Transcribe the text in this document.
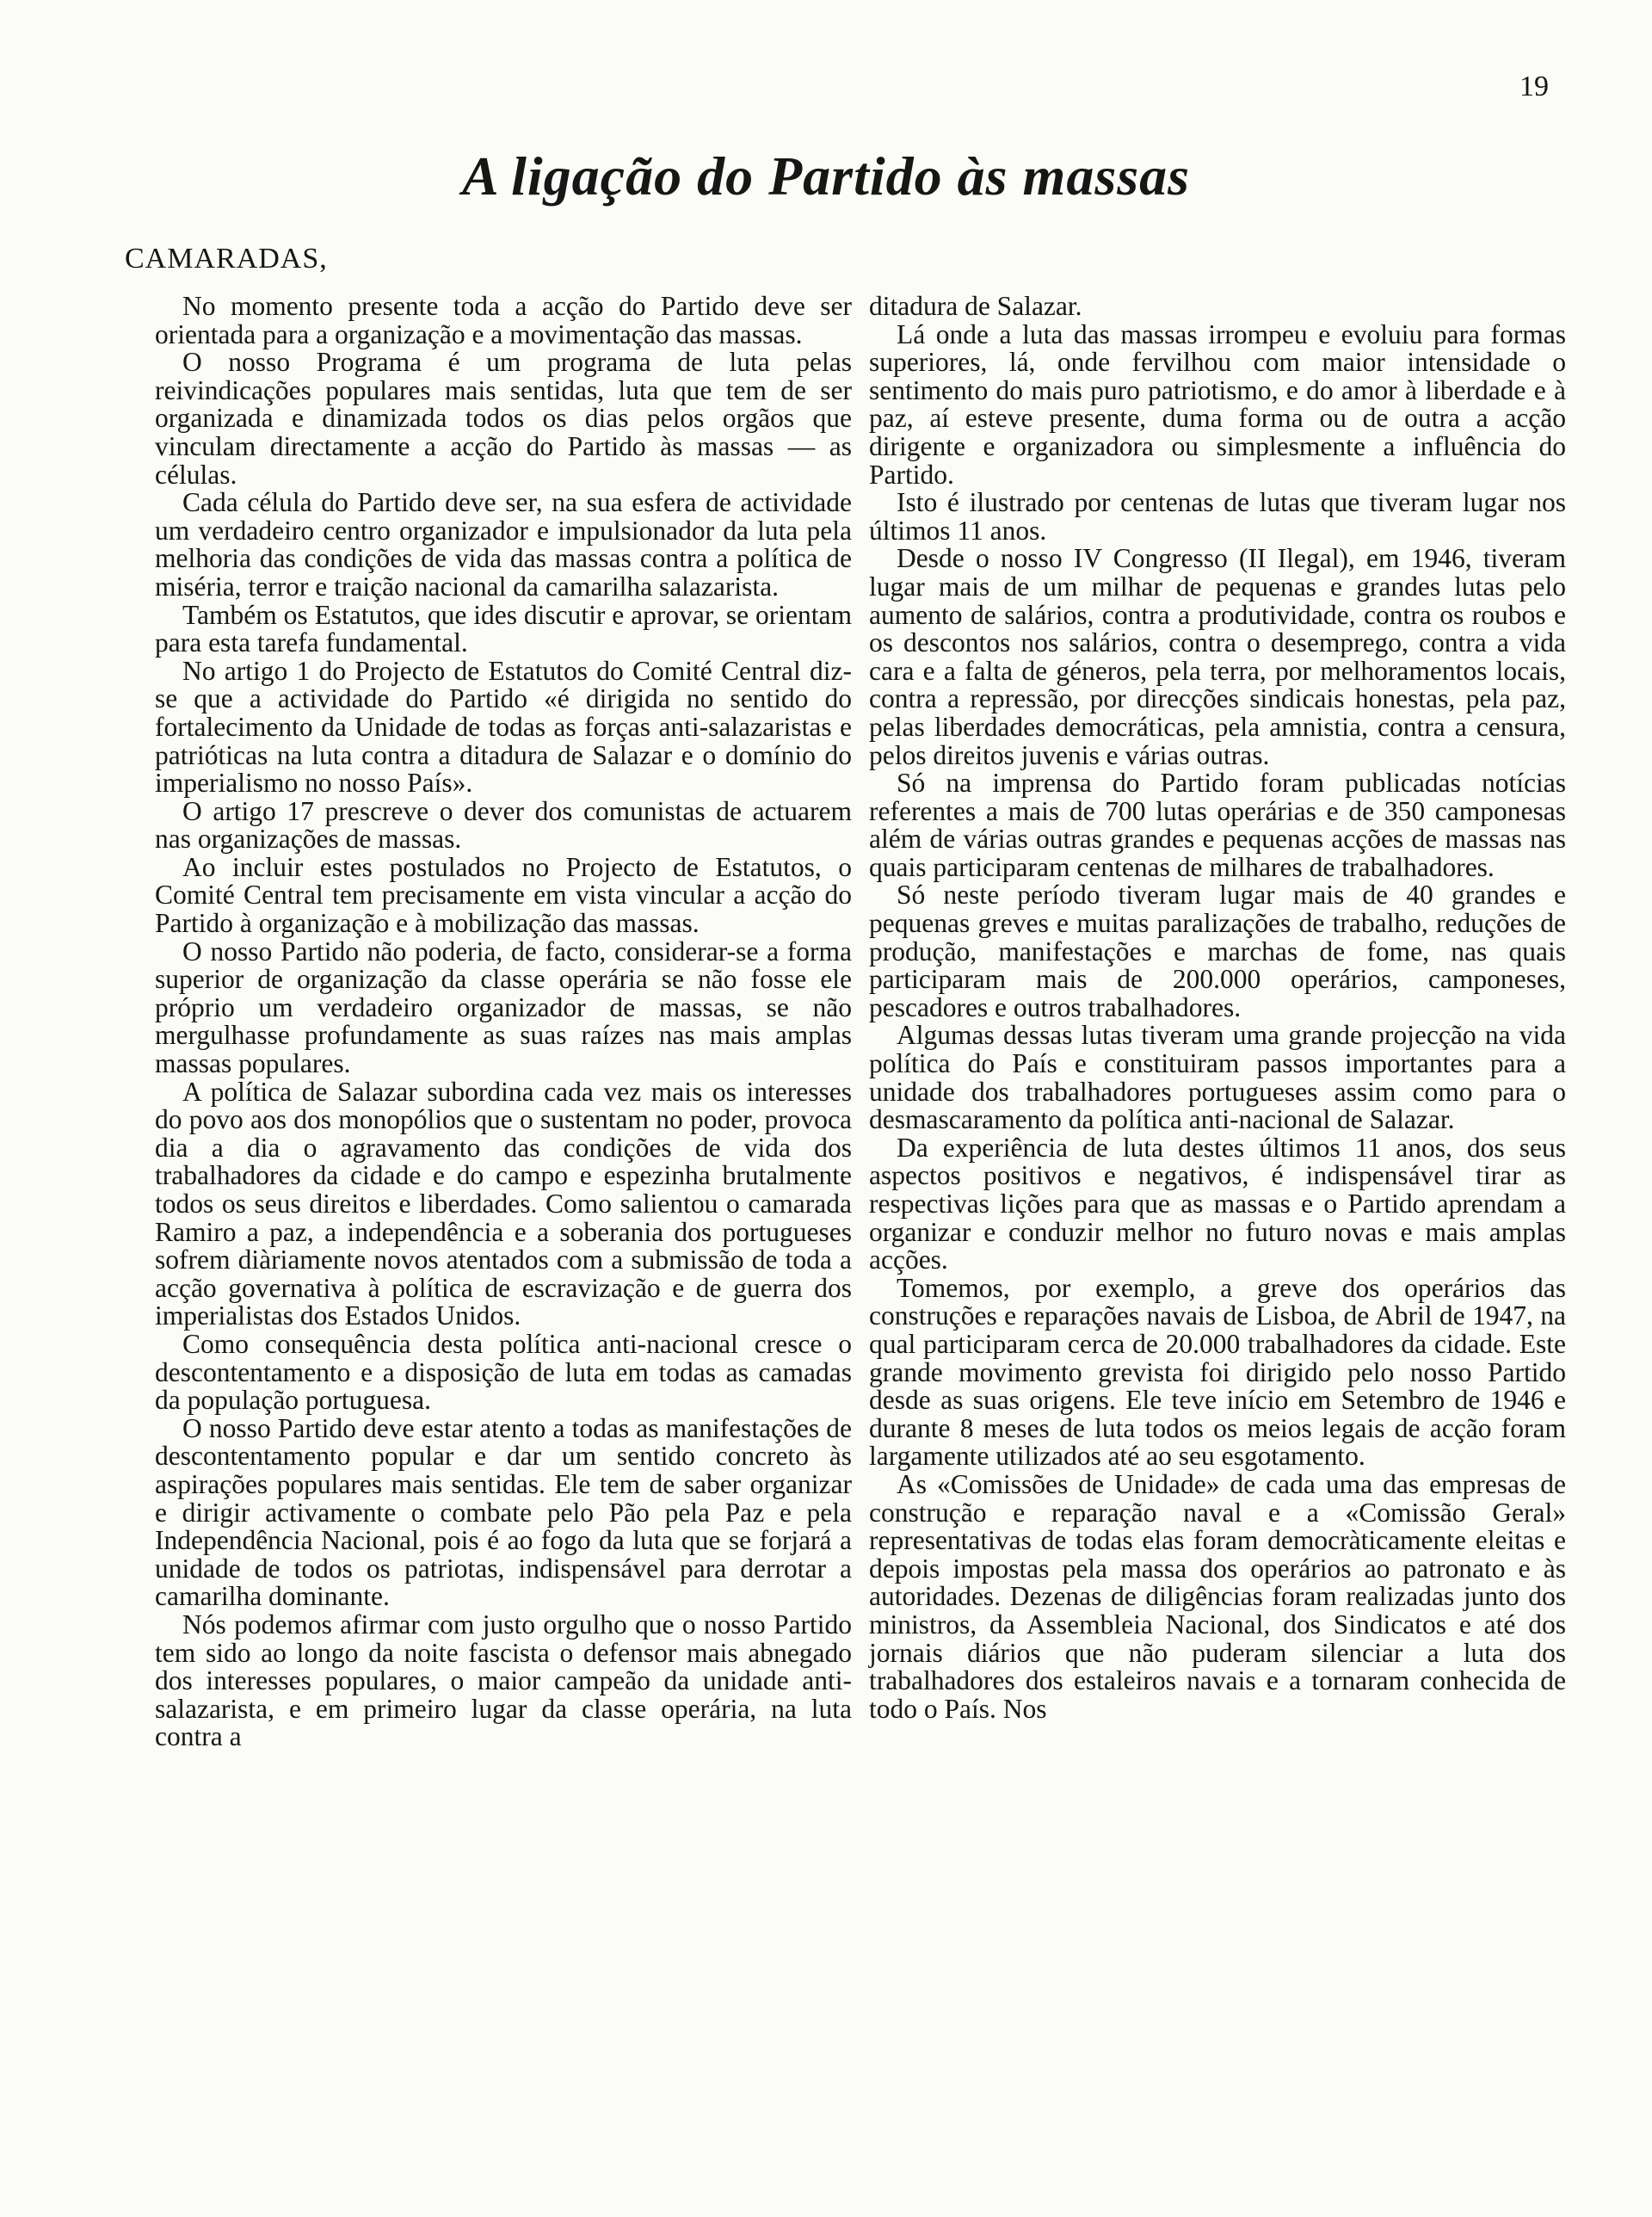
19
A ligação do Partido às massas
CAMARADAS,

No momento presente toda a acção do Partido deve ser orientada para a organização e a movimentação das massas.

O nosso Programa é um programa de luta pelas reivindicações populares mais sentidas, luta que tem de ser organizada e dinamizada todos os dias pelos orgãos que vinculam directamente a acção do Partido às massas — as células.

Cada célula do Partido deve ser, na sua esfera de actividade um verdadeiro centro organizador e impulsionador da luta pela melhoria das condições de vida das massas contra a política de miséria, terror e traição nacional da camarilha salazarista.

Também os Estatutos, que ides discutir e aprovar, se orientam para esta tarefa fundamental.

No artigo 1 do Projecto de Estatutos do Comité Central diz-se que a actividade do Partido «é dirigida no sentido do fortalecimento da Unidade de todas as forças anti-salazaristas e patrióticas na luta contra a ditadura de Salazar e o domínio do imperialismo no nosso País».

O artigo 17 prescreve o dever dos comunistas de actuarem nas organizações de massas.

Ao incluir estes postulados no Projecto de Estatutos, o Comité Central tem precisamente em vista vincular a acção do Partido à organização e à mobilização das massas.

O nosso Partido não poderia, de facto, considerar-se a forma superior de organização da classe operária se não fosse ele próprio um verdadeiro organizador de massas, se não mergulhasse profundamente as suas raízes nas mais amplas massas populares.

A política de Salazar subordina cada vez mais os interesses do povo aos dos monopólios que o sustentam no poder, provoca dia a dia o agravamento das condições de vida dos trabalhadores da cidade e do campo e espezinha brutalmente todos os seus direitos e liberdades. Como salientou o camarada Ramiro a paz, a independência e a soberania dos portugueses sofrem diàriamente novos atentados com a submissão de toda a acção governativa à política de escravização e de guerra dos imperialistas dos Estados Unidos.

Como consequência desta política anti-nacional cresce o descontentamento e a disposição de luta em todas as camadas da população portuguesa.

O nosso Partido deve estar atento a todas as manifestações de descontentamento popular e dar um sentido concreto às aspirações populares mais sentidas. Ele tem de saber organizar e dirigir activamente o combate pelo Pão pela Paz e pela Independência Nacional, pois é ao fogo da luta que se forjará a unidade de todos os patriotas, indispensável para derrotar a camarilha dominante.

Nós podemos afirmar com justo orgulho que o nosso Partido tem sido ao longo da noite fascista o defensor mais abnegado dos interesses populares, o maior campeão da unidade anti-salazarista, e em primeiro lugar da classe operária, na luta contra a

ditadura de Salazar.

Lá onde a luta das massas irrompeu e evoluiu para formas superiores, lá, onde fervilhou com maior intensidade o sentimento do mais puro patriotismo, e do amor à liberdade e à paz, aí esteve presente, duma forma ou de outra a acção dirigente e organizadora ou simplesmente a influência do Partido.

Isto é ilustrado por centenas de lutas que tiveram lugar nos últimos 11 anos.

Desde o nosso IV Congresso (II Ilegal), em 1946, tiveram lugar mais de um milhar de pequenas e grandes lutas pelo aumento de salários, contra a produtividade, contra os roubos e os descontos nos salários, contra o desemprego, contra a vida cara e a falta de géneros, pela terra, por melhoramentos locais, contra a repressão, por direcções sindicais honestas, pela paz, pelas liberdades democráticas, pela amnistia, contra a censura, pelos direitos juvenis e várias outras.

Só na imprensa do Partido foram publicadas notícias referentes a mais de 700 lutas operárias e de 350 camponesas além de várias outras grandes e pequenas acções de massas nas quais participaram centenas de milhares de trabalhadores.

Só neste período tiveram lugar mais de 40 grandes e pequenas greves e muitas paralizações de trabalho, reduções de produção, manifestações e marchas de fome, nas quais participaram mais de 200.000 operários, camponeses, pescadores e outros trabalhadores.

Algumas dessas lutas tiveram uma grande projecção na vida política do País e constituiram passos importantes para a unidade dos trabalhadores portugueses assim como para o desmascaramento da política anti-nacional de Salazar.

Da experiência de luta destes últimos 11 anos, dos seus aspectos positivos e negativos, é indispensável tirar as respectivas lições para que as massas e o Partido aprendam a organizar e conduzir melhor no futuro novas e mais amplas acções.

Tomemos, por exemplo, a greve dos operários das construções e reparações navais de Lisboa, de Abril de 1947, na qual participaram cerca de 20.000 trabalhadores da cidade. Este grande movimento grevista foi dirigido pelo nosso Partido desde as suas origens. Ele teve início em Setembro de 1946 e durante 8 meses de luta todos os meios legais de acção foram largamente utilizados até ao seu esgotamento.

As «Comissões de Unidade» de cada uma das empresas de construção e reparação naval e a «Comissão Geral» representativas de todas elas foram democràticamente eleitas e depois impostas pela massa dos operários ao patronato e às autoridades. Dezenas de diligências foram realizadas junto dos ministros, da Assembleia Nacional, dos Sindicatos e até dos jornais diários que não puderam silenciar a luta dos trabalhadores dos estaleiros navais e a tornaram conhecida de todo o País. Nos
